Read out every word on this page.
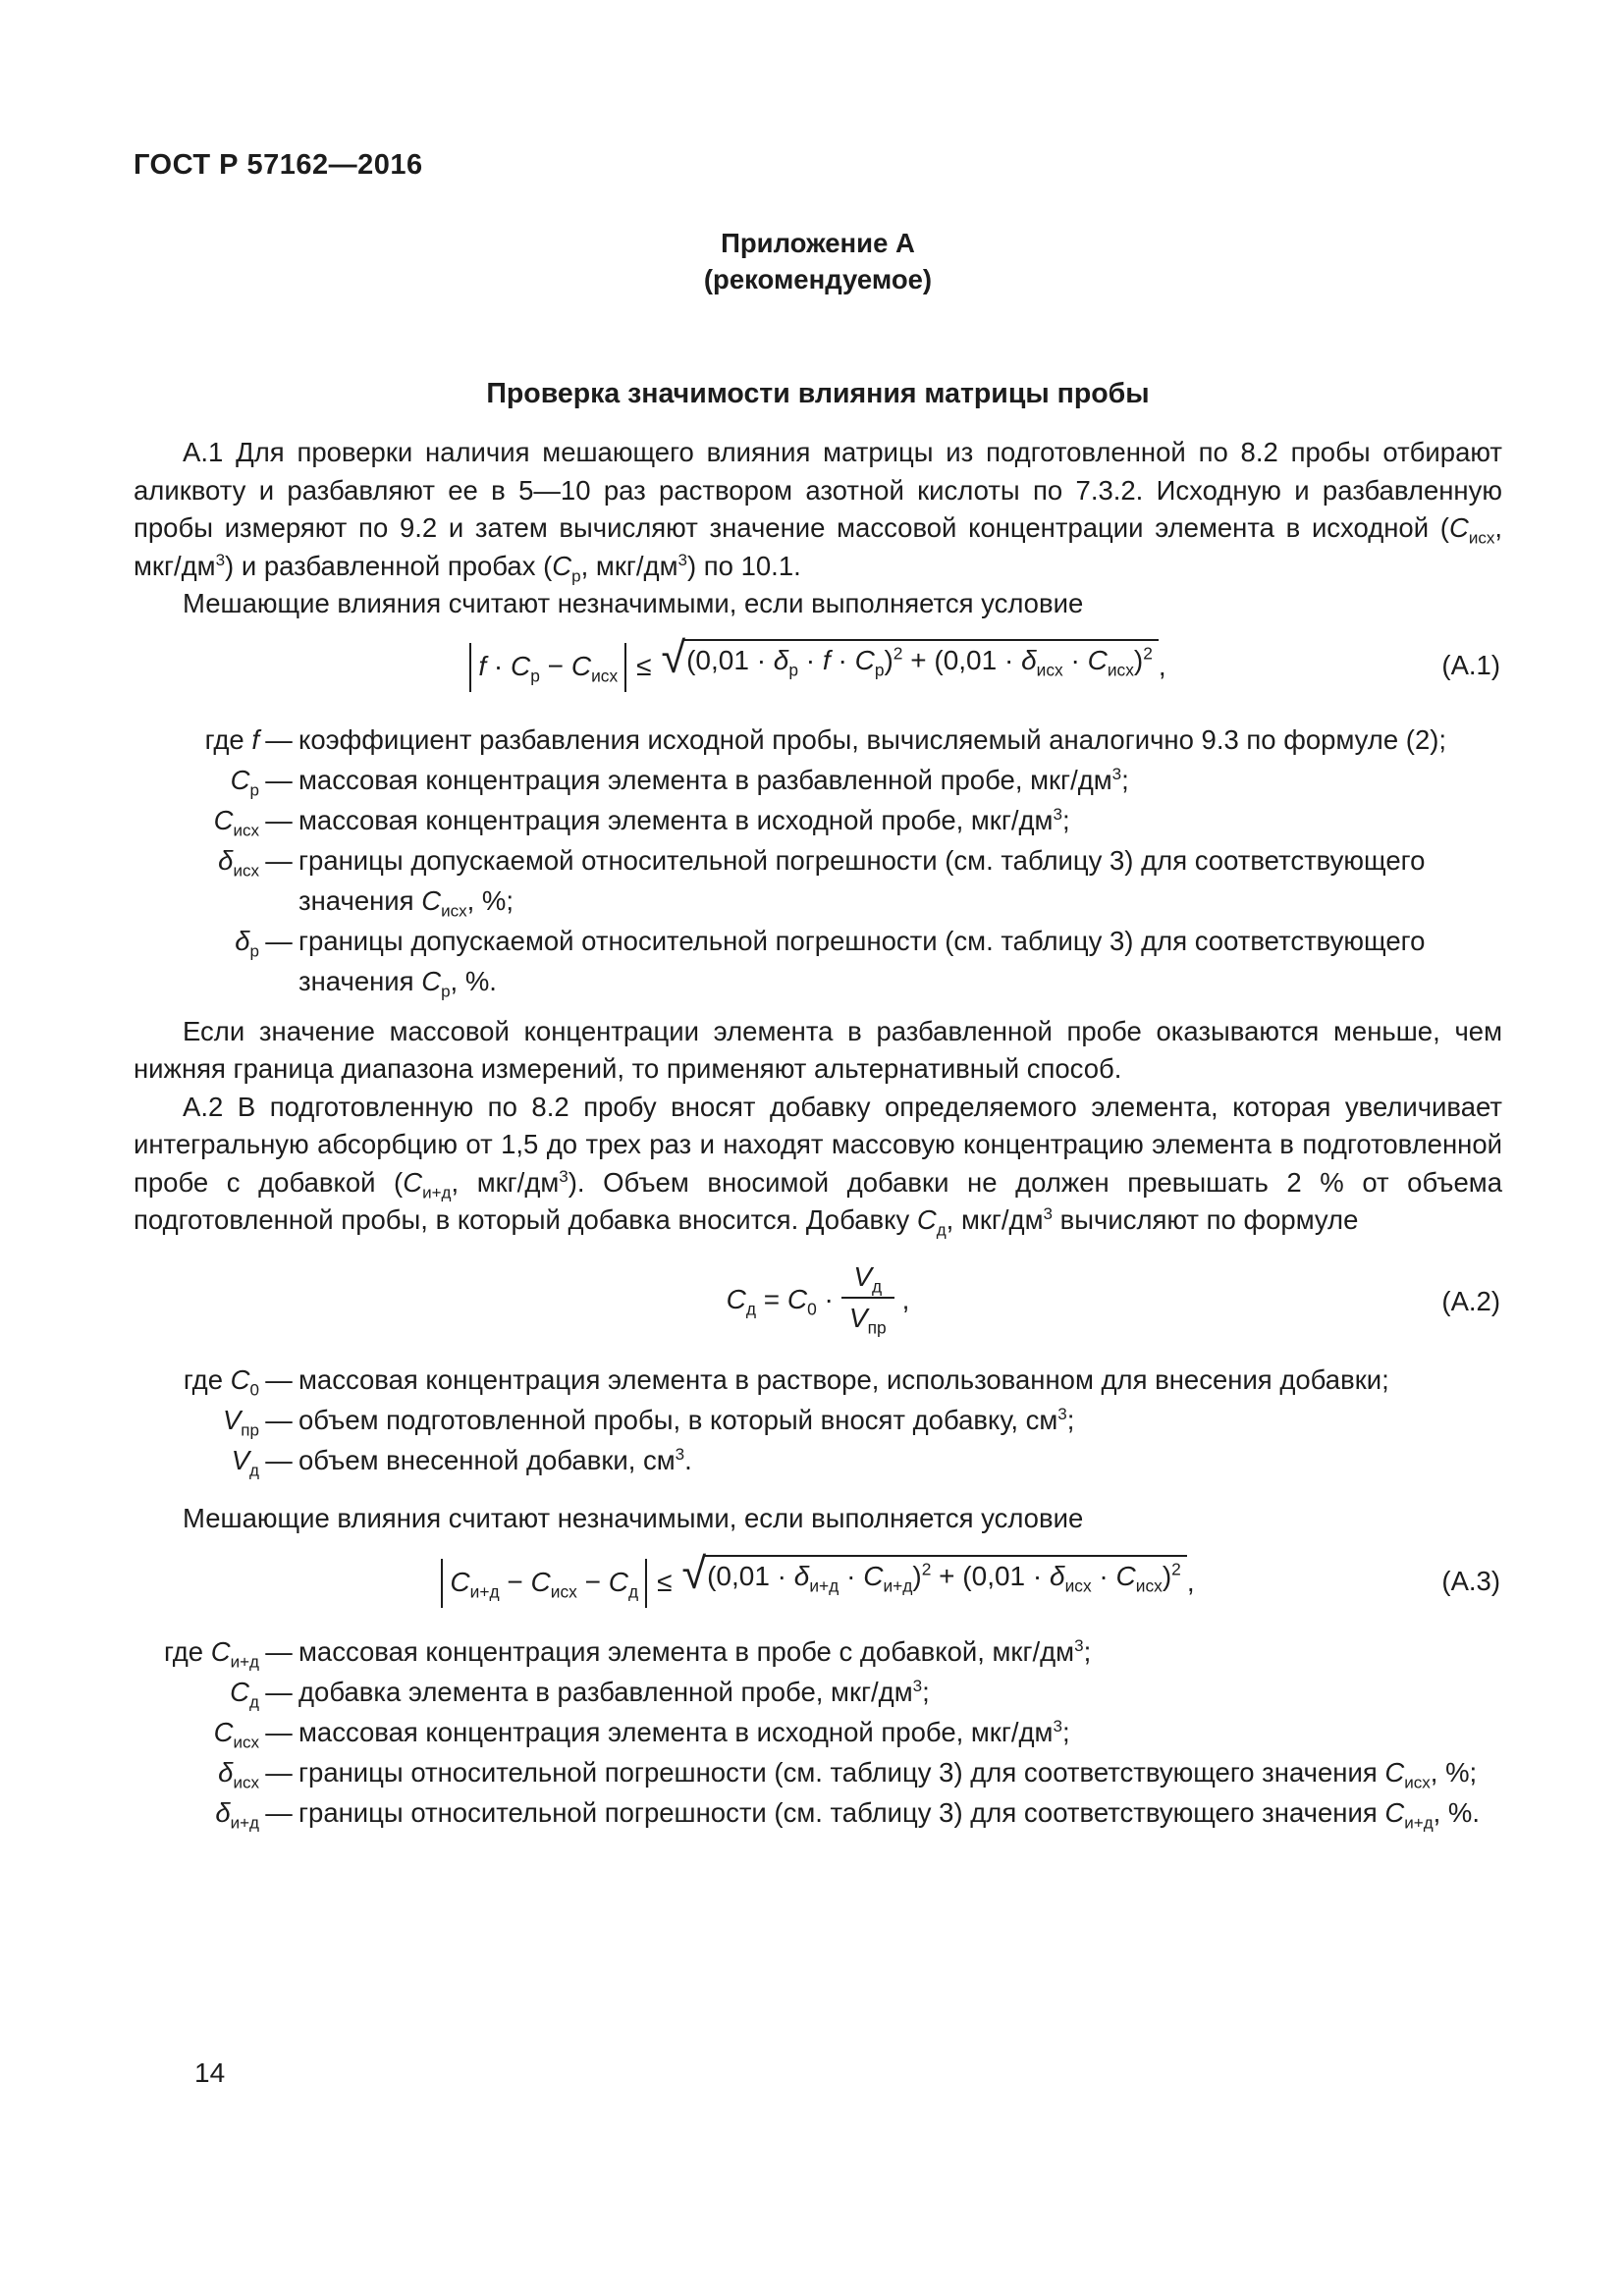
ГОСТ Р 57162—2016
Приложение А
(рекомендуемое)
Проверка значимости влияния матрицы пробы

А.1 Для проверки наличия мешающего влияния матрицы из подготовленной по 8.2 пробы отбирают аликвоту и разбавляют ее в 5—10 раз раствором азотной кислоты по 7.3.2. Исходную и разбавленную пробы измеряют по 9.2 и затем вычисляют значение массовой концентрации элемента в исходной ($C_{исх}$, мкг/$дм^3$) и разбавленной пробах ($C_р$, мкг/$дм^3$) по 10.1.

Мешающие влияния считают незначимыми, если выполняется условие

$f \cdot C_р - C_{исх}$ ≤ √ $(0,01 \cdot \delta_р \cdot f \cdot C_р)^2 + (0,01 \cdot \delta_{исх} \cdot C_{исх})^2$ ,	(А.1)
где f — коэффициент разбавления исходной пробы, вычисляемый аналогично 9.3 по формуле (2);
$C_р$ — массовая концентрация элемента в разбавленной пробе, мкг/$дм^3$;
$C_{исх}$ — массовая концентрация элемента в исходной пробе, мкг/$дм^3$;
$\delta_{исх}$ — границы допускаемой относительной погрешности (см. таблицу 3) для соответствующего значения $C_{исх}$, %;
$\delta_р$ — границы допускаемой относительной погрешности (см. таблицу 3) для соответствующего значения $C_р$, %.

Если значение массовой концентрации элемента в разбавленной пробе оказываются меньше, чем нижняя граница диапазона измерений, то применяют альтернативный способ.

А.2 В подготовленную по 8.2 пробу вносят добавку определяемого элемента, которая увеличивает интегральную абсорбцию от 1,5 до трех раз и находят массовую концентрацию элемента в подготовленной пробе с добавкой ($C_{и+д}$, мкг/$дм^3$). Объем вносимой добавки не должен превышать 2 % от объема подготовленной пробы, в который добавка вносится. Добавку $C_д$, мкг/$дм^3$ вычисляют по формуле

$C_д = C_0 \cdot \frac{V_д}{V_{пр}}$ ,	(А.2)
где $C_0$ — массовая концентрация элемента в растворе, использованном для внесения добавки;
$V_{пр}$ — объем подготовленной пробы, в который вносят добавку, $см^3$;
$V_д$ — объем внесенной добавки, $см^3$.

Мешающие влияния считают незначимыми, если выполняется условие

$C_{и+д} - C_{исх} - C_д$ ≤ √ $(0,01 \cdot \delta_{и+д} \cdot C_{и+д})^2 + (0,01 \cdot \delta_{исх} \cdot C_{исх})^2$ ,	(А.3)
где $C_{и+д}$ — массовая концентрация элемента в пробе с добавкой, мкг/$дм^3$;
$C_д$ — добавка элемента в разбавленной пробе, мкг/$дм^3$;
$C_{исх}$ — массовая концентрация элемента в исходной пробе, мкг/$дм^3$;
$\delta_{исх}$ — границы относительной погрешности (см. таблицу 3) для соответствующего значения $C_{исх}$, %;
$\delta_{и+д}$ — границы относительной погрешности (см. таблицу 3) для соответствующего значения $C_{и+д}$, %.
14
